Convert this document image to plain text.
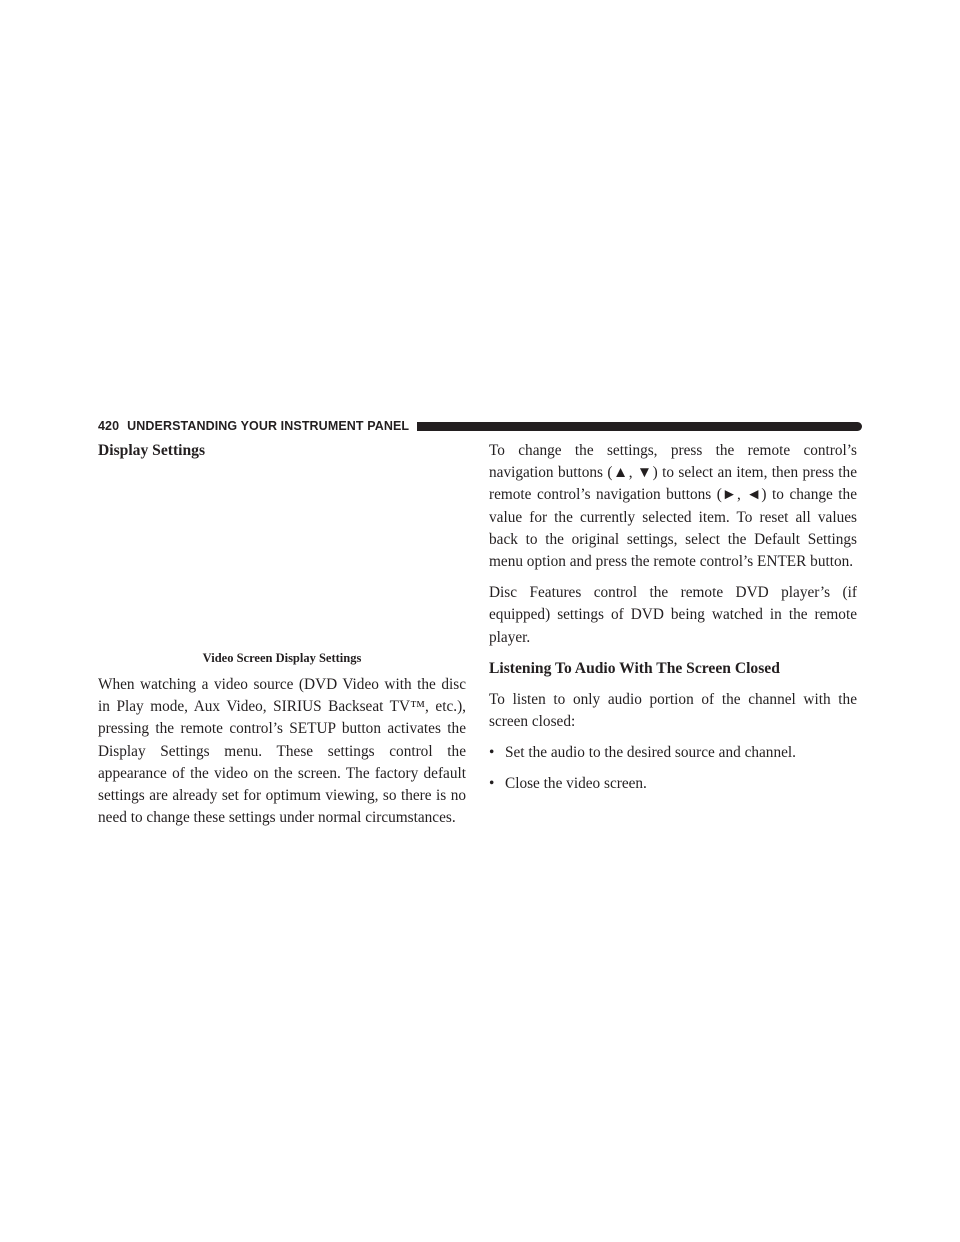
420 UNDERSTANDING YOUR INSTRUMENT PANEL
Display Settings
Video Screen Display Settings

When watching a video source (DVD Video with the disc in Play mode, Aux Video, SIRIUS Backseat TV™, etc.), pressing the remote control’s SETUP button activates the Display Settings menu. These settings control the appearance of the video on the screen. The factory default settings are already set for optimum viewing, so there is no need to change these settings under normal circumstances.

To change the settings, press the remote control’s navigation buttons (▲, ▼) to select an item, then press the remote control’s navigation buttons (►, ◄) to change the value for the currently selected item. To reset all values back to the original settings, select the Default Settings menu option and press the remote control’s ENTER button.

Disc Features control the remote DVD player’s (if equipped) settings of DVD being watched in the remote player.

Listening To Audio With The Screen Closed

To listen to only audio portion of the channel with the screen closed:

• Set the audio to the desired source and channel.
• Close the video screen.
